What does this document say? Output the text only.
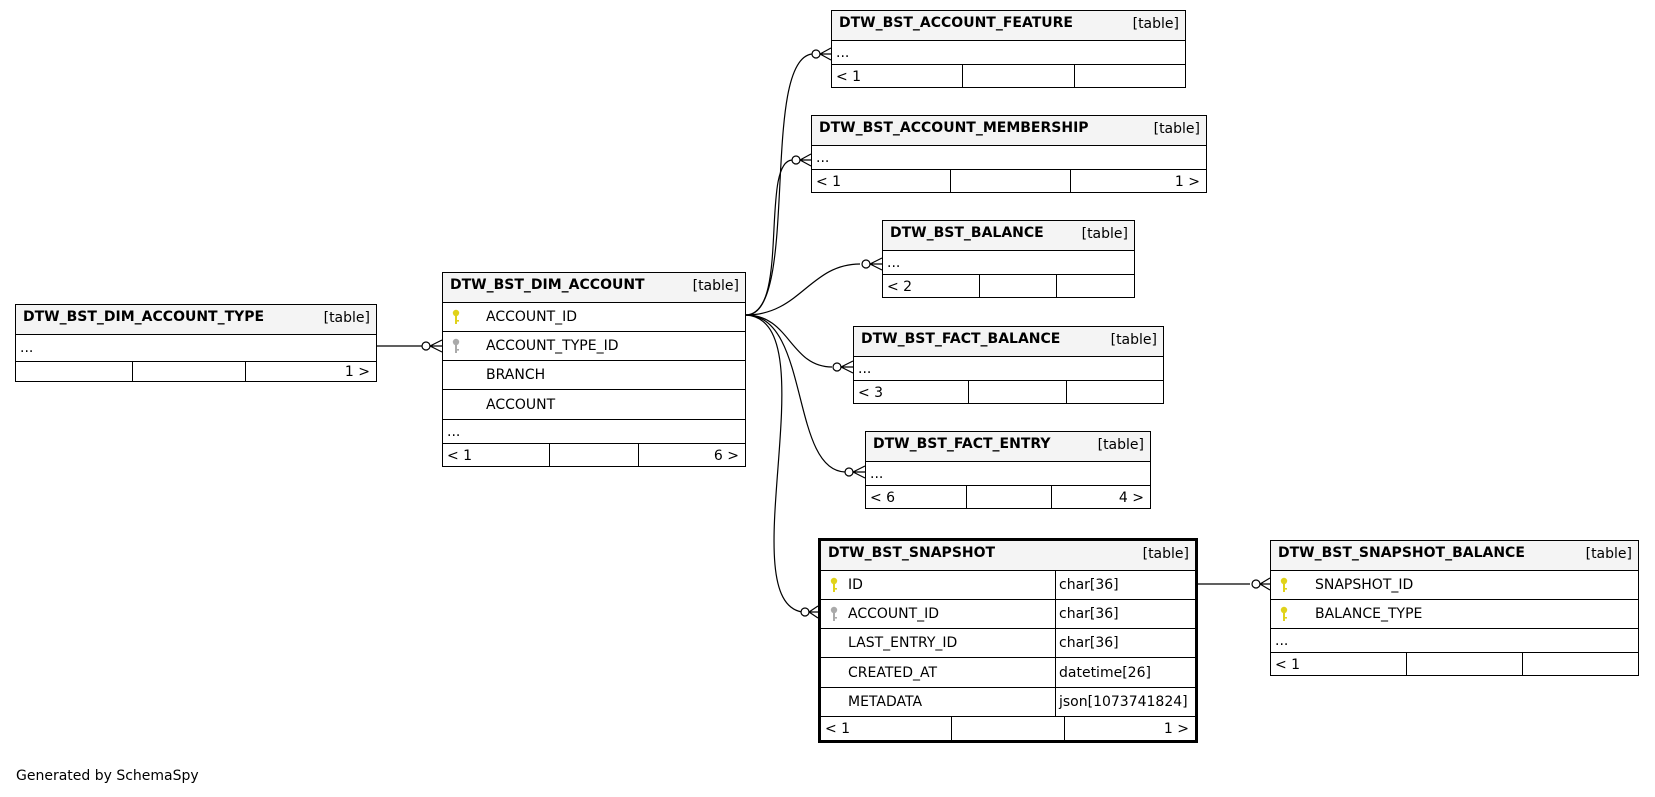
DTW_BST_DIM_ACCOUNT_TYPE	[table]
...
1 >
DTW_BST_DIM_ACCOUNT	[table]
ACCOUNT_ID
ACCOUNT_TYPE_ID
BRANCH
ACCOUNT
...
< 1	6 >
DTW_BST_ACCOUNT_FEATURE	[table]
...
< 1
DTW_BST_ACCOUNT_MEMBERSHIP	[table]
...
< 1	1 >
DTW_BST_BALANCE	[table]
...
< 2
DTW_BST_FACT_BALANCE	[table]
...
< 3
DTW_BST_FACT_ENTRY	[table]
...
< 6	4 >
DTW_BST_SNAPSHOT	[table]
ID	char[36]
ACCOUNT_ID	char[36]
LAST_ENTRY_ID	char[36]
CREATED_AT	datetime[26]
METADATA	json[1073741824]
< 1	1 >
DTW_BST_SNAPSHOT_BALANCE	[table]
SNAPSHOT_ID
BALANCE_TYPE
...
< 1
Generated by SchemaSpy
